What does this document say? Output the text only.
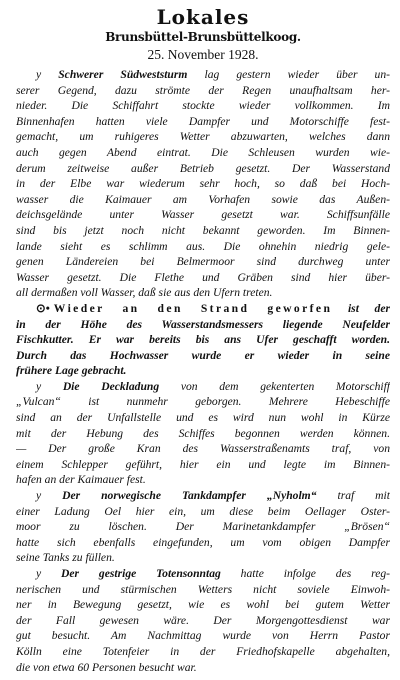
Lokales
Brunsbüttel-Brunsbüttelkoog.
25. November 1928.
y Schwerer Südweststurm lag gestern wieder über un-
serer Gegend, dazu strömte der Regen unaufhaltsam her-
nieder. Die Schiffahrt stockte wieder vollkommen. Im
Binnenhafen hatten viele Dampfer und Motorschiffe fest-
gemacht, um ruhigeres Wetter abzuwarten, welches dann
auch gegen Abend eintrat. Die Schleusen wurden wie-
derum zeitweise außer Betrieb gesetzt. Der Wasserstand
in der Elbe war wiederum sehr hoch, so daß bei Hoch-
wasser die Kaimauer am Vorhafen sowie das Außen-
deichsgelände unter Wasser gesetzt war. Schiffsunfälle
sind bis jetzt noch nicht bekannt geworden. Im Binnen-
lande sieht es schlimm aus. Die ohnehin niedrig gele-
genen Ländereien bei Belmermoor sind durchweg unter
Wasser gesetzt. Die Flethe und Gräben sind hier über-
all dermaßen voll Wasser, daß sie aus den Ufern treten.
⊙• Wieder an den Strand geworfen ist der
in der Höhe des Wasserstandsmessers liegende Neufelder
Fischkutter. Er war bereits bis ans Ufer geschafft worden.
Durch das Hochwasser wurde er wieder in seine
frühere Lage gebracht.
y Die Deckladung von dem gekenterten Motorschiff
„Vulcan“ ist nunmehr geborgen. Mehrere Hebeschiffe
sind an der Unfallstelle und es wird nun wohl in Kürze
mit der Hebung des Schiffes begonnen werden können.
— Der große Kran des Wasserstraßenamts traf, von
einem Schlepper geführt, hier ein und legte im Binnen-
hafen an der Kaimauer fest.
y Der norwegische Tankdampfer „Nyholm“ traf mit
einer Ladung Oel hier ein, um diese beim Oellager Oster-
moor zu löschen. Der Marinetankdampfer „Brösen“
hatte sich ebenfalls eingefunden, um vom obigen Dampfer
seine Tanks zu füllen.
y Der gestrige Totensonntag hatte infolge des reg-
nerischen und stürmischen Wetters nicht soviele Einwoh-
ner in Bewegung gesetzt, wie es wohl bei gutem Wetter
der Fall gewesen wäre. Der Morgengottesdienst war
gut besucht. Am Nachmittag wurde von Herrn Pastor
Kölln eine Totenfeier in der Friedhofskapelle abgehalten,
die von etwa 60 Personen besucht war.
